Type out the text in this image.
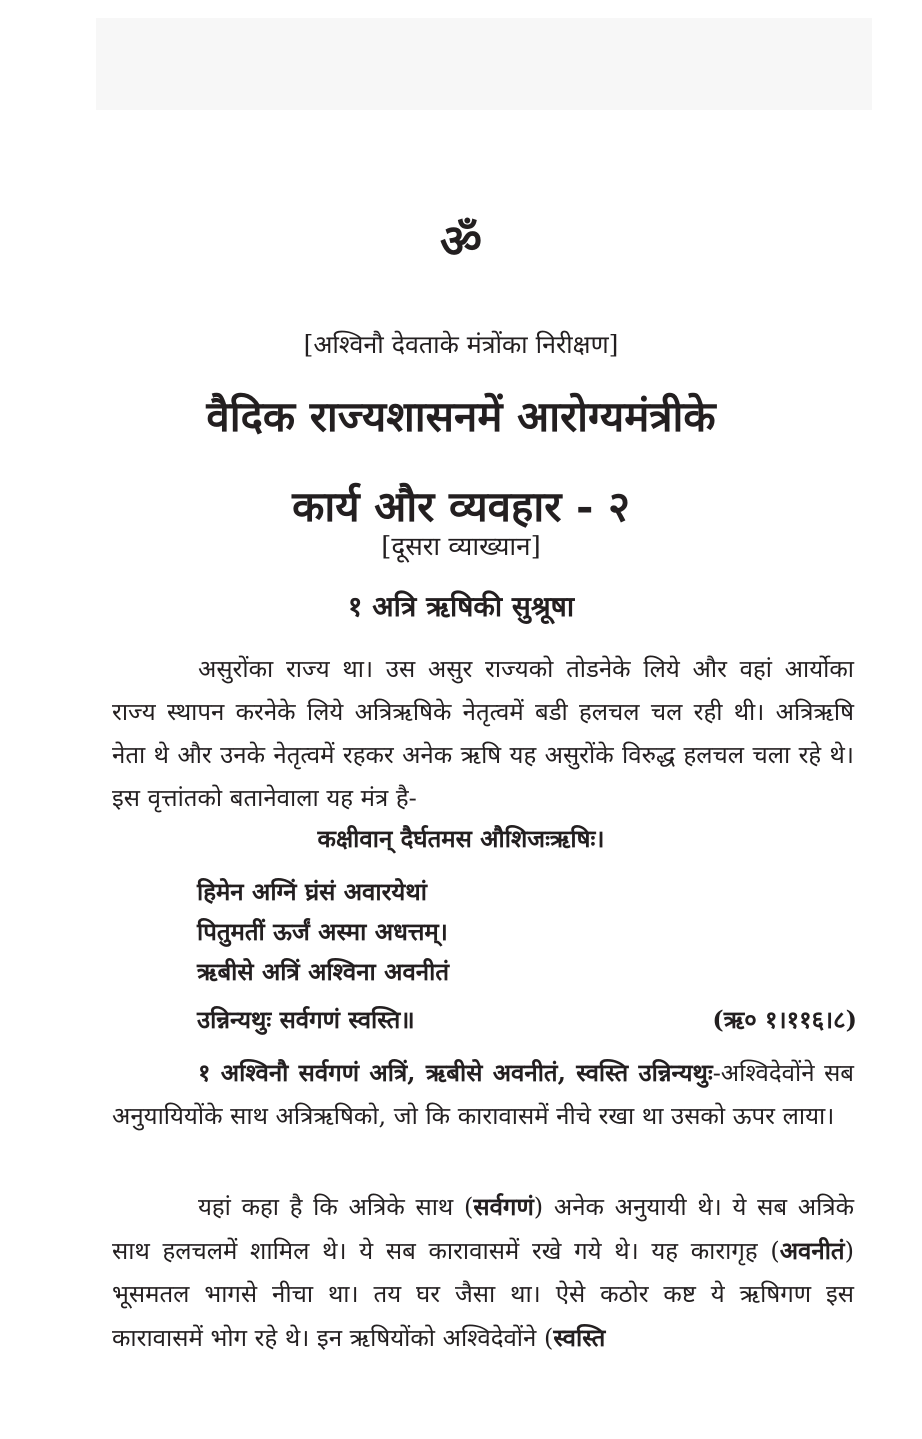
ॐ
[अश्विनौ देवताके मंत्रोंका निरीक्षण]
वैदिक राज्यशासनमें आरोग्यमंत्रीके
कार्य और व्यवहार - २
[दूसरा व्याख्यान]
१ अत्रि ऋषिकी सुश्रूषा

असुरोंका राज्य था। उस असुर राज्यको तोडनेके लिये और वहां आर्योका राज्य स्थापन करनेके लिये अत्रिऋषिके नेतृत्वमें बडी हलचल चल रही थी। अत्रिऋषि नेता थे और उनके नेतृत्वमें रहकर अनेक ऋषि यह असुरोंके विरुद्ध हलचल चला रहे थे। इस वृत्तांतको बतानेवाला यह मंत्र है-

कक्षीवान् दैर्घतमस औशिजःऋषिः।
हिमेन अग्निं घ्रंसं अवारयेथां
पितुमतीं ऊर्जं अस्मा अधत्तम्।
ऋबीसे अत्रिं अश्विना अवनीतं
उन्निन्यथुः सर्वगणं स्वस्ति॥	(ऋ० १।११६।८)

१ अश्विनौ सर्वगणं अत्रिं, ऋबीसे अवनीतं, स्वस्ति उन्निन्यथुः-अश्विदेवोंने सब अनुयायियोंके साथ अत्रिऋषिको, जो कि कारावासमें नीचे रखा था उसको ऊपर लाया।

यहां कहा है कि अत्रिके साथ (सर्वगणं) अनेक अनुयायी थे। ये सब अत्रिके साथ हलचलमें शामिल थे। ये सब कारावासमें रखे गये थे। यह कारागृह (अवनीतं) भूसमतल भागसे नीचा था। तय घर जैसा था। ऐसे कठोर कष्ट ये ऋषिगण इस कारावासमें भोग रहे थे। इन ऋषियोंको अश्विदेवोंने (स्वस्ति
